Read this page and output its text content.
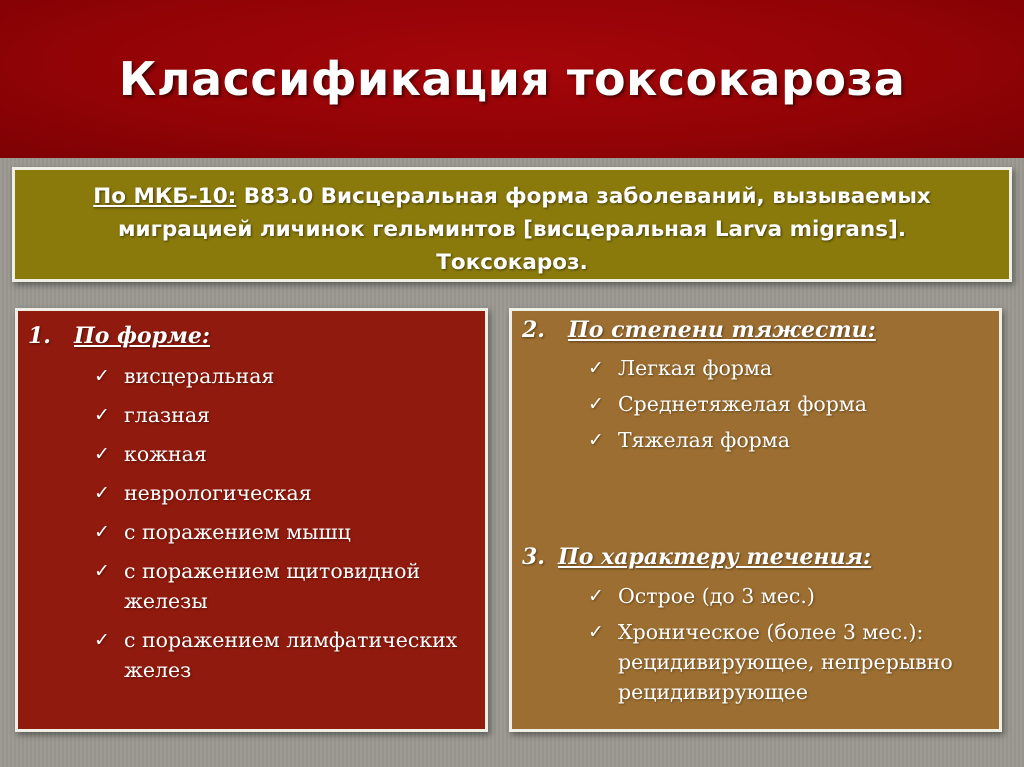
Классификация токсокароза
По МКБ-10: B83.0 Висцеральная форма заболеваний, вызываемых миграцией личинок гельминтов [висцеральная Larva migrans]. Токсокароз.
1. По форме:
✓ висцеральная
✓ глазная
✓ кожная
✓ неврологическая
✓ с поражением мышц
✓ с поражением щитовидной железы
✓ с поражением лимфатических желез
2. По степени тяжести:
✓ Легкая форма
✓ Среднетяжелая форма
✓ Тяжелая форма
3. По характеру течения:
✓ Острое (до 3 мес.)
✓ Хроническое (более 3 мес.): рецидивирующее, непрерывно рецидивирующее
